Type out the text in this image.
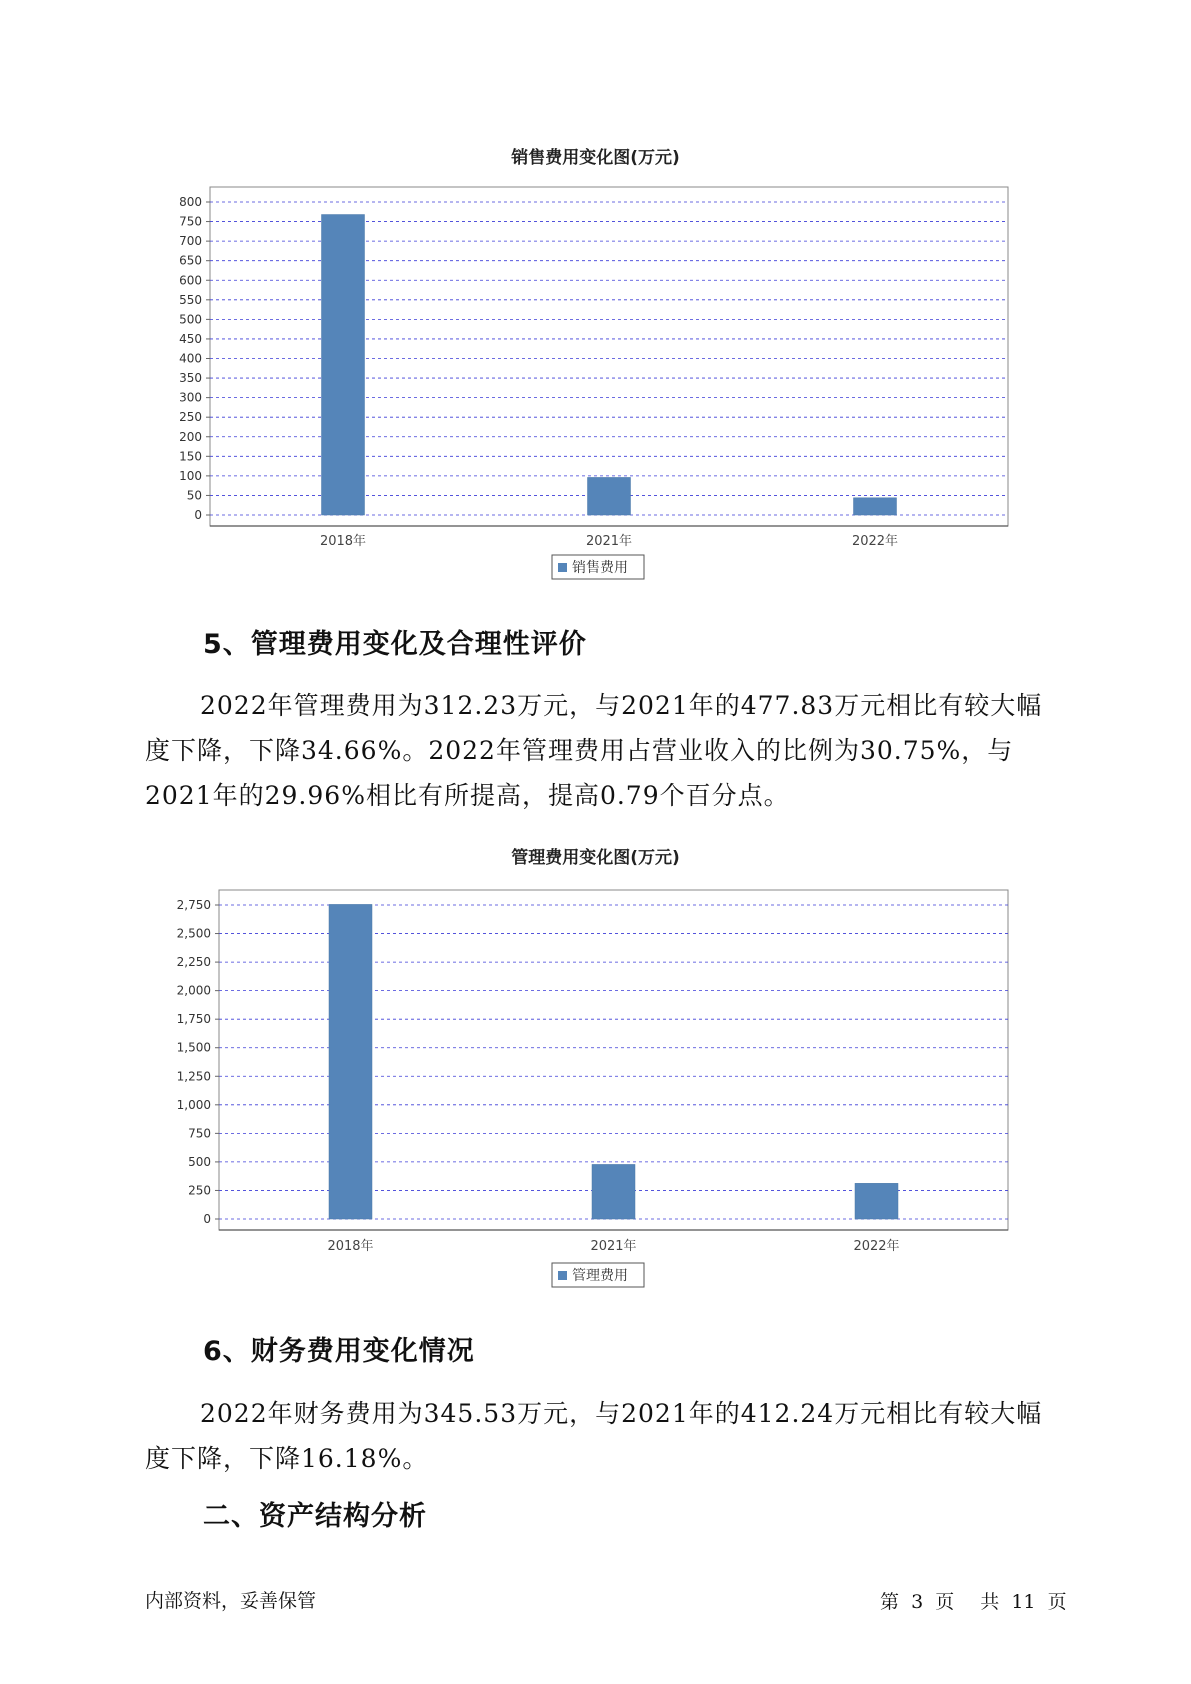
销售费用变化图(万元)
0
50
100
150
200
250
300
350
400
450
500
550
600
650
700
750
800
2018年	2021年	2022年
销售费用
5、管理费用变化及合理性评价

2022年管理费用为312.23万元，与2021年的477.83万元相比有较大幅度下降，下降34.66%。2022年管理费用占营业收入的比例为30.75%，与2021年的29.96%相比有所提高，提高0.79个百分点。

管理费用变化图(万元)
0
250
500
750
1,000
1,250
1,500
1,750
2,000
2,250
2,500
2,750
2018年	2021年	2022年
管理费用
6、财务费用变化情况

2022年财务费用为345.53万元，与2021年的412.24万元相比有较大幅度下降，下降16.18%。

二、资产结构分析
内部资料，妥善保管	第 3 页 共 11 页
